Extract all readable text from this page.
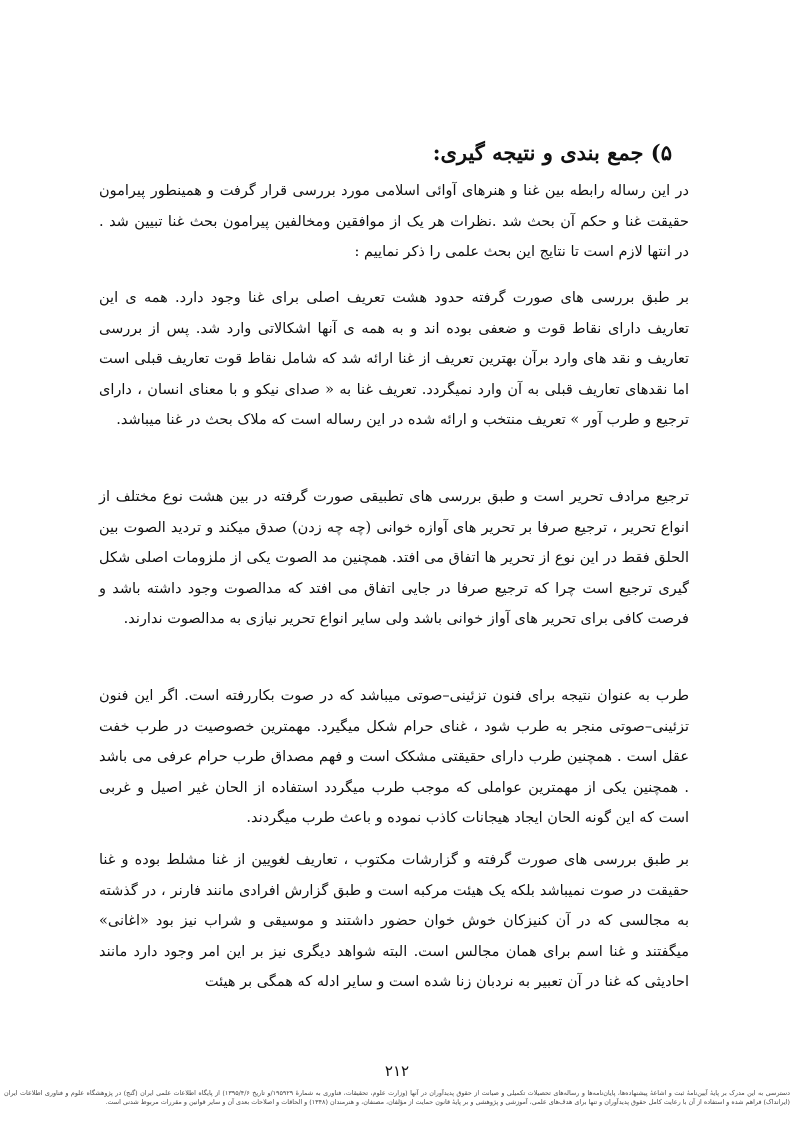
۵) جمع بندی و نتیجه گیری:

در این رساله رابطه بین غنا و هنرهای آوائی اسلامی مورد بررسی قرار گرفت و همینطور پیرامون حقیقت غنا و حکم آن بحث شد .نظرات هر یک از موافقین ومخالفین پیرامون بحث غنا تبیین شد . در انتها لازم است تا نتایج این بحث علمی را ذکر نماییم :

بر طبق بررسی های صورت گرفته حدود هشت تعریف اصلی برای غنا وجود دارد. همه ی این تعاریف دارای نقاط قوت و ضعفی بوده اند و به همه ی آنها اشکالاتی وارد شد. پس از بررسی تعاریف و نقد های وارد برآن بهترین تعریف از غنا ارائه شد که شامل نقاط قوت تعاریف قبلی است اما نقدهای تعاریف قبلی به آن وارد نمیگردد. تعریف غنا به « صدای نیکو و با معنای انسان ، دارای ترجیع و طرب آور » تعریف منتخب و ارائه شده در این رساله است که ملاک بحث در غنا میباشد.

ترجیع مرادف تحریر است و طبق بررسی های تطبیقی صورت گرفته در بین هشت نوع مختلف از انواع تحریر ، ترجیع صرفا بر تحریر های آوازه خوانی (چه چه زدن) صدق میکند و تردید الصوت بین الحلق فقط در این نوع از تحریر ها اتفاق می افتد. همچنین مد الصوت یکی از ملزومات اصلی شکل گیری ترجیع است چرا که ترجیع صرفا در جایی اتفاق می افتد که مدالصوت وجود داشته باشد و فرصت کافی برای تحریر های آواز خوانی باشد ولی سایر انواع تحریر نیازی به مدالصوت ندارند.

طرب به عنوان نتیجه برای فنون تزئینی–صوتی میباشد که در صوت بکاررفته است. اگر این فنون تزئینی–صوتی منجر به طرب شود ، غنای حرام شکل میگیرد. مهمترین خصوصیت در طرب خفت عقل است . همچنین طرب دارای حقیقتی مشکک است و فهم مصداق طرب حرام عرفی می باشد . همچنین یکی از مهمترین عواملی که موجب طرب میگردد استفاده از الحان غیر اصیل و غربی است که این گونه الحان ایجاد هیجانات کاذب نموده و باعث طرب میگردند.

بر طبق بررسی های صورت گرفته و گزارشات مکتوب ، تعاریف لغویین از غنا مشلط بوده و غنا حقیقت در صوت نمیباشد بلکه یک هیئت مرکبه است و طبق گزارش افرادی مانند فارنر ، در گذشته به مجالسی که در آن کنیزکان خوش خوان حضور داشتند و موسیقی و شراب نیز بود «اغانی» میگفتند و غنا اسم برای همان مجالس است. البته شواهد دیگری نیز بر این امر وجود دارد مانند احادیثی که غنا در آن تعبیر به نردبان زنا شده است و سایر ادله که همگی بر هیئت

۲۱۲
دسترسی به این مدرک بر پایهٔ آیین‌نامهٔ ثبت و اشاعهٔ پیشنهاده‌ها، پایان‌نامه‌ها و رساله‌های تحصیلات تکمیلی و صیانت از حقوق پدیدآوران در آنها (وزارت علوم، تحقیقات، فناوری به شمارهٔ ۱۹۵۹۲۹/و تاریخ ۱۳۹۵/۴/۶) از پایگاه اطلاعات علمی ایران (گنج) در پژوهشگاه علوم و فناوری اطلاعات ایران (ایرانداک) فراهم شده و استفاده از آن با رعایت کامل حقوق پدیدآوران و تنها برای هدف‌های علمی، آموزشی و پژوهشی و بر پایهٔ قانون حمایت از مؤلفان، مصنفان، و هنرمندان (۱۳۴۸) و الحاقات و اصلاحات بعدی آن و سایر قوانین و مقررات مربوط شدنی است.
